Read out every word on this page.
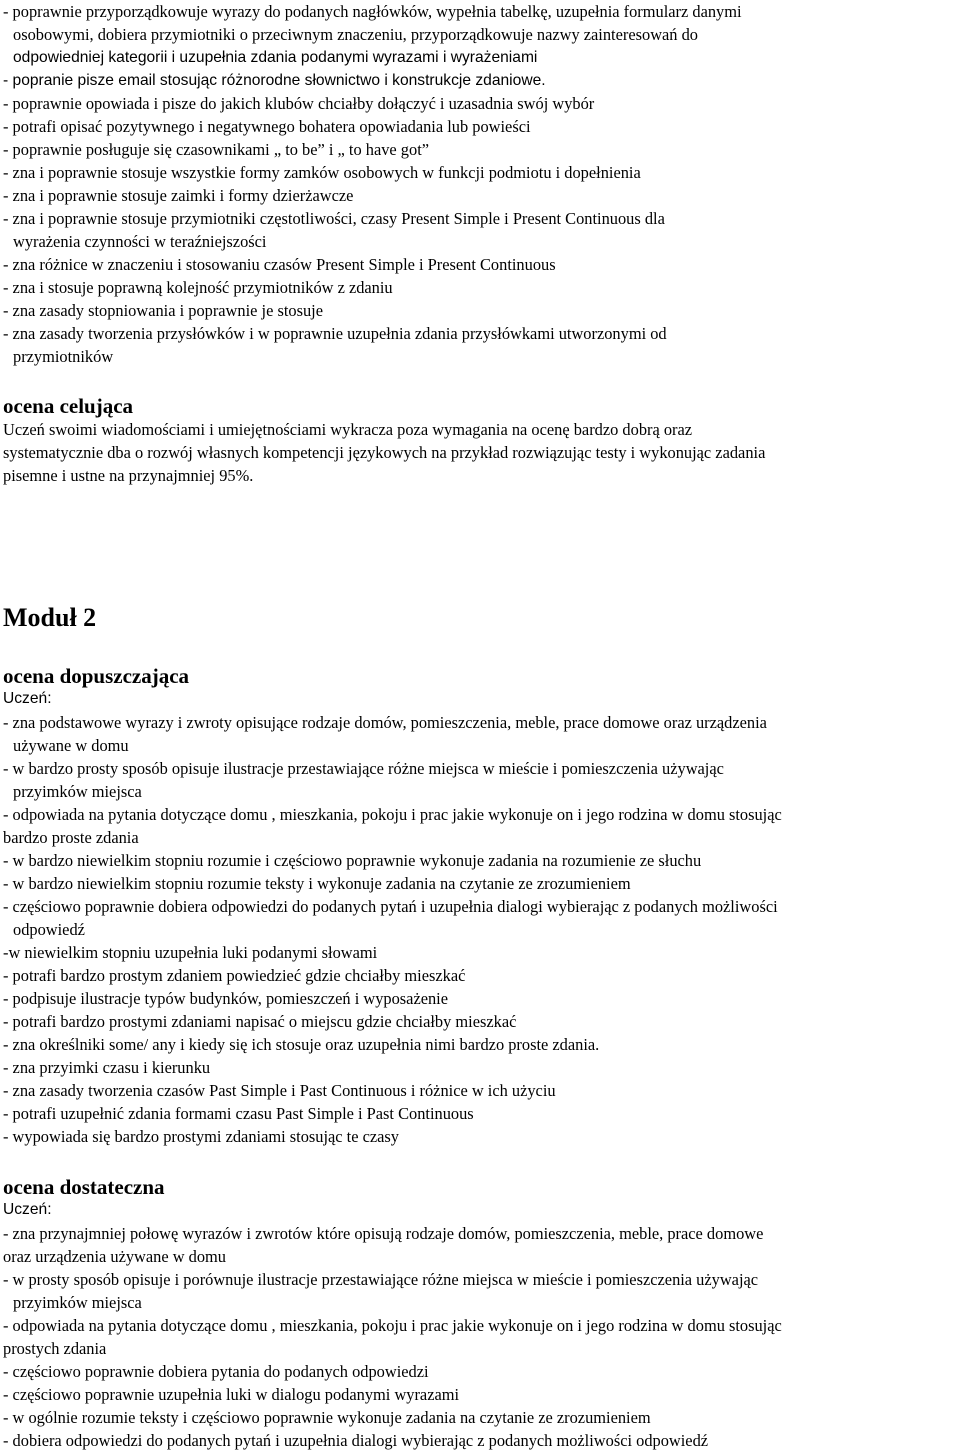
- poprawnie przyporządkowuje wyrazy do podanych nagłówków, wypełnia tabelkę, uzupełnia formularz danymi
osobowymi, dobiera przymiotniki o przeciwnym znaczeniu, przyporządkowuje nazwy zainteresowań do
odpowiedniej kategorii i uzupełnia zdania podanymi wyrazami i wyrażeniami
- popranie pisze email stosując różnorodne słownictwo i konstrukcje zdaniowe.
- poprawnie opowiada i pisze do jakich klubów chciałby dołączyć i uzasadnia swój wybór
- potrafi opisać pozytywnego i negatywnego bohatera opowiadania lub powieści
- poprawnie posługuje się czasownikami „ to be” i „ to have got”
- zna i poprawnie stosuje wszystkie formy zamków osobowych w funkcji podmiotu i dopełnienia
- zna i poprawnie stosuje zaimki i formy dzierżawcze
- zna i poprawnie stosuje przymiotniki częstotliwości, czasy Present Simple i Present Continuous dla
wyrażenia czynności w teraźniejszości
- zna różnice w znaczeniu i stosowaniu czasów Present Simple i Present Continuous
- zna i stosuje poprawną kolejność przymiotników z zdaniu
- zna zasady stopniowania i poprawnie je stosuje
- zna zasady tworzenia przysłówków i w poprawnie uzupełnia zdania przysłówkami utworzonymi od
przymiotników
ocena celująca
Uczeń swoimi wiadomościami i umiejętnościami wykracza poza wymagania na ocenę bardzo dobrą oraz
systematycznie dba o rozwój własnych kompetencji językowych na przykład rozwiązując testy i wykonując zadania
pisemne i ustne na przynajmniej 95%.
Moduł 2
ocena dopuszczająca
Uczeń:
- zna podstawowe wyrazy i zwroty opisujące rodzaje domów, pomieszczenia, meble, prace domowe oraz urządzenia
używane w domu
- w bardzo prosty sposób opisuje ilustracje przestawiające różne miejsca w mieście i pomieszczenia używając
przyimków miejsca
- odpowiada na pytania dotyczące domu , mieszkania, pokoju i prac jakie wykonuje on i jego rodzina w domu stosując
bardzo proste zdania
- w bardzo niewielkim stopniu rozumie i częściowo poprawnie wykonuje zadania na rozumienie ze słuchu
- w bardzo niewielkim stopniu rozumie teksty i wykonuje zadania na czytanie ze zrozumieniem
- częściowo poprawnie dobiera odpowiedzi do podanych pytań i uzupełnia dialogi wybierając z podanych możliwości
odpowiedź
-w niewielkim stopniu uzupełnia luki podanymi słowami
- potrafi bardzo prostym zdaniem powiedzieć gdzie chciałby mieszkać
- podpisuje ilustracje typów budynków, pomieszczeń i wyposażenie
- potrafi bardzo prostymi zdaniami napisać o miejscu gdzie chciałby mieszkać
- zna określniki some/ any i kiedy się ich stosuje oraz uzupełnia nimi bardzo proste zdania.
- zna przyimki czasu i kierunku
- zna zasady tworzenia czasów Past Simple i Past Continuous i różnice w ich użyciu
- potrafi uzupełnić zdania formami czasu Past Simple i Past Continuous
- wypowiada się bardzo prostymi zdaniami stosując te czasy
ocena dostateczna
Uczeń:
- zna przynajmniej połowę wyrazów i zwrotów które opisują rodzaje domów, pomieszczenia, meble, prace domowe
oraz urządzenia używane w domu
- w prosty sposób opisuje i porównuje ilustracje przestawiające różne miejsca w mieście i pomieszczenia używając
przyimków miejsca
- odpowiada na pytania dotyczące domu , mieszkania, pokoju i prac jakie wykonuje on i jego rodzina w domu stosując
prostych zdania
- częściowo poprawnie dobiera pytania do podanych odpowiedzi
- częściowo poprawnie uzupełnia luki w dialogu podanymi wyrazami
- w ogólnie rozumie teksty i częściowo poprawnie wykonuje zadania na czytanie ze zrozumieniem
- dobiera odpowiedzi do podanych pytań i uzupełnia dialogi wybierając z podanych możliwości odpowiedź
